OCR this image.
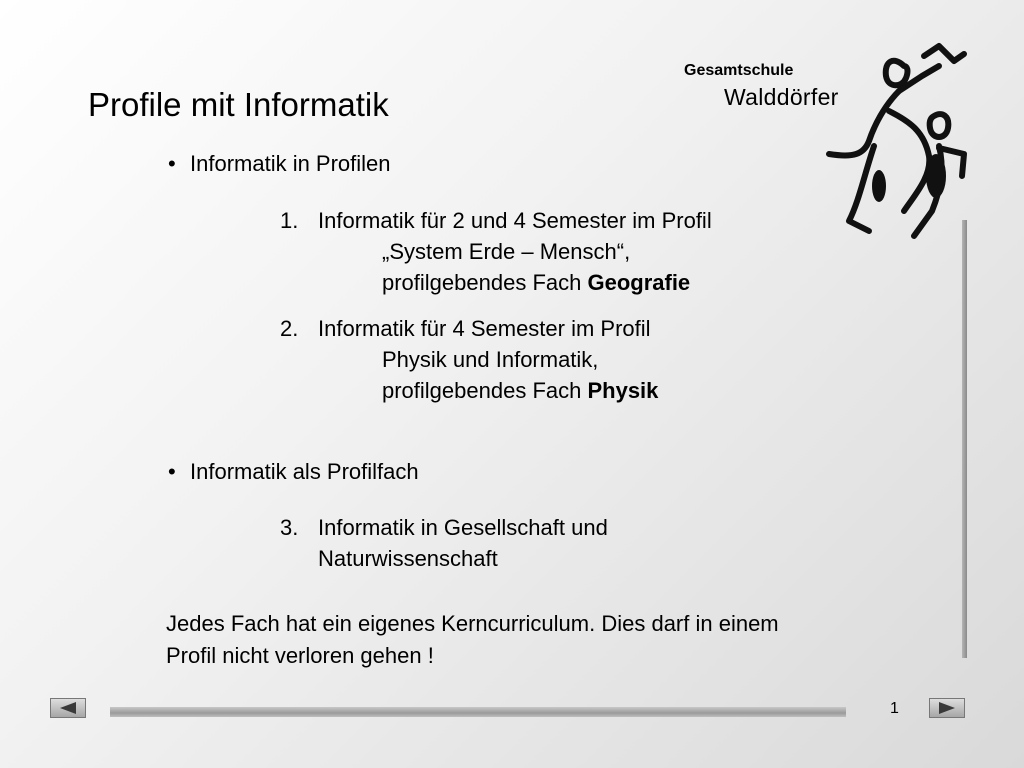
Profile mit Informatik
Gesamtschule
Walddörfer
• Informatik in Profilen
1. Informatik für 2 und 4 Semester im Profil
„System Erde – Mensch“,
profilgebendes Fach Geografie
2. Informatik für 4 Semester im Profil
Physik und Informatik,
profilgebendes Fach Physik
• Informatik als Profilfach
3. Informatik in Gesellschaft und
Naturwissenschaft
Jedes Fach hat ein eigenes Kerncurriculum. Dies darf in einem
Profil nicht verloren gehen !
1
